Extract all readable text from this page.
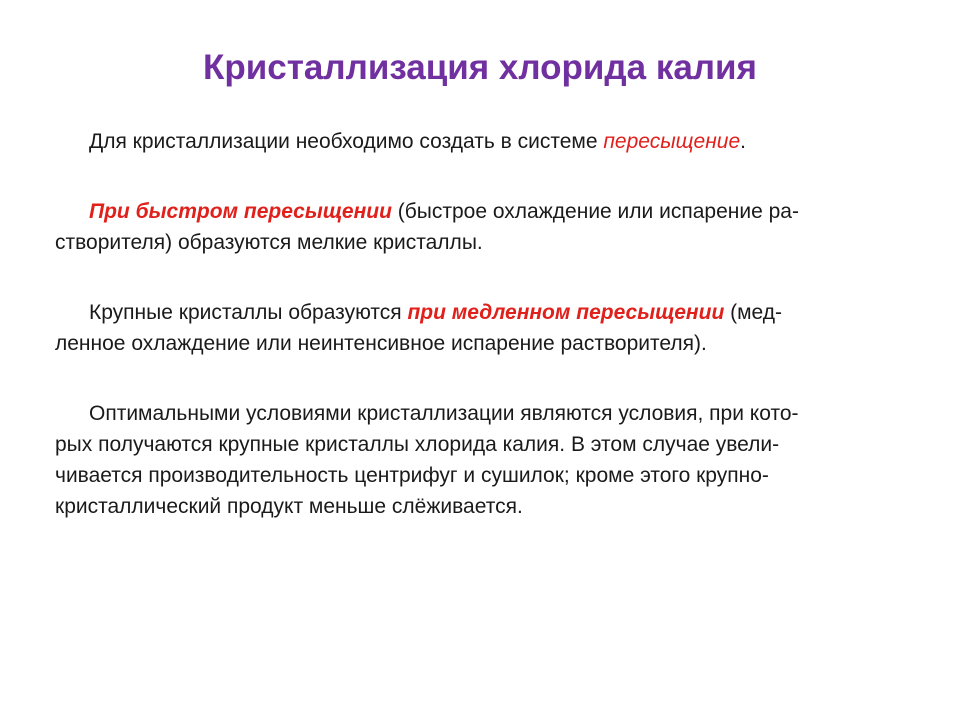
Кристаллизация хлорида калия
Для кристаллизации необходимо создать в системе пересыщение.
При быстром пересыщении (быстрое охлаждение или испарение ра-
створителя) образуются мелкие кристаллы.
Крупные кристаллы образуются при медленном пересыщении (мед-
ленное охлаждение или неинтенсивное испарение растворителя).
Оптимальными условиями кристаллизации являются условия, при кото-
рых получаются крупные кристаллы хлорида калия. В этом случае увели-
чивается производительность центрифуг и сушилок; кроме этого крупно-
кристаллический продукт меньше слёживается.
